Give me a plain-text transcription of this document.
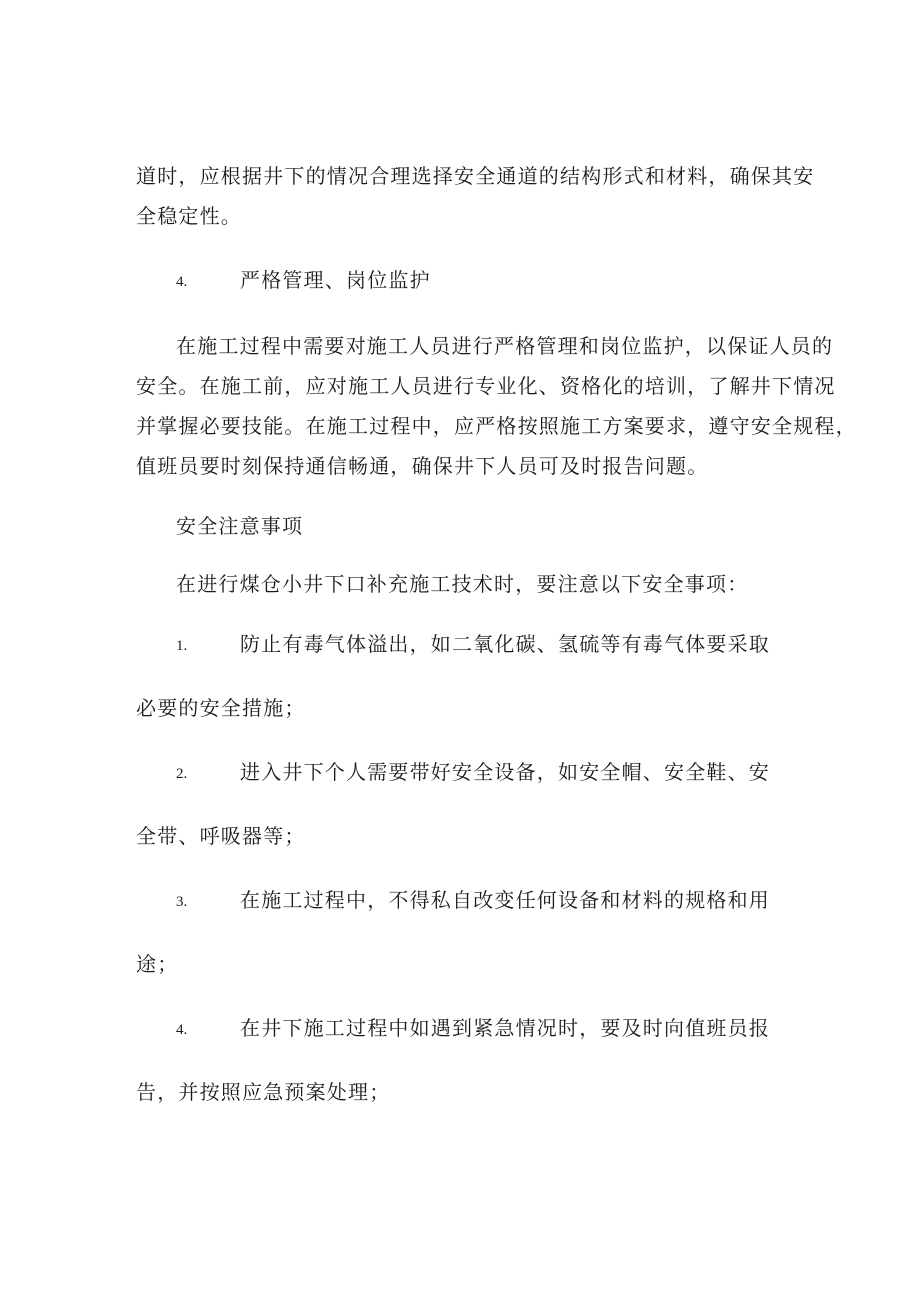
道时，应根据井下的情况合理选择安全通道的结构形式和材料，确保其安
全稳定性。
4.	严格管理、岗位监护
在施工过程中需要对施工人员进行严格管理和岗位监护，以保证人员的
安全。在施工前，应对施工人员进行专业化、资格化的培训，了解井下情况
并掌握必要技能。在施工过程中，应严格按照施工方案要求，遵守安全规程，
值班员要时刻保持通信畅通，确保井下人员可及时报告问题。
安全注意事项
在进行煤仓小井下口补充施工技术时，要注意以下安全事项：
1.	防止有毒气体溢出，如二氧化碳、氢硫等有毒气体要采取
必要的安全措施；
2.	进入井下个人需要带好安全设备，如安全帽、安全鞋、安
全带、呼吸器等；
3.	在施工过程中，不得私自改变任何设备和材料的规格和用
途；
4.	在井下施工过程中如遇到紧急情况时，要及时向值班员报
告，并按照应急预案处理；
